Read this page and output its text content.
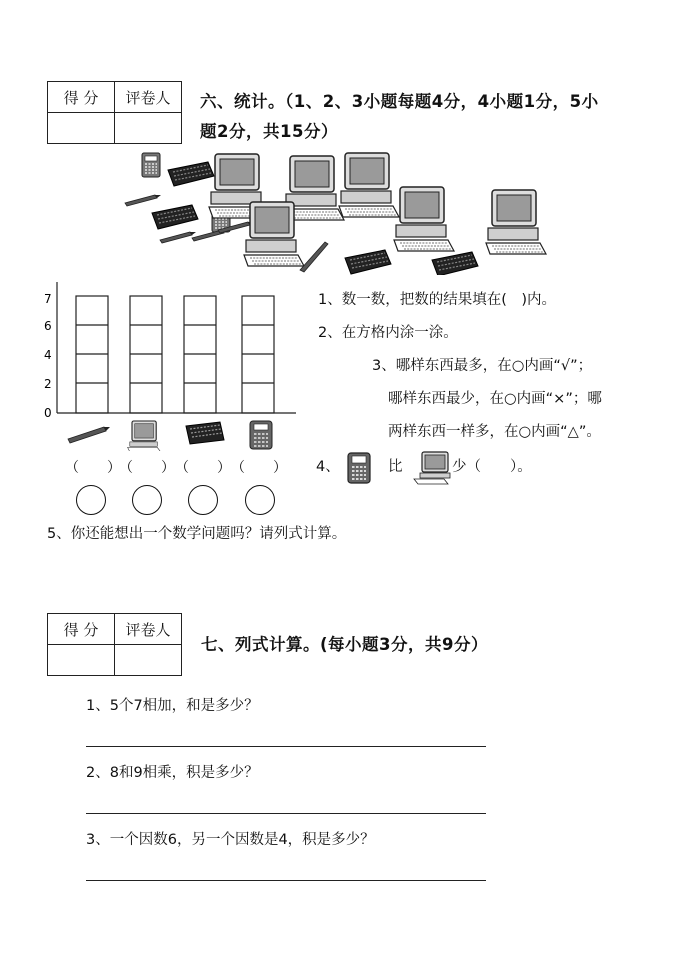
得 分	评卷人
	六、统计。（1、2、3小题每题4分，4小题1分，5小
题2分，共15分）
7
6
4
2
0
（　　）
（　　） （　　） （　　）
1、数一数，把数的结果填在(　)内。
2、在方格内涂一涂。
3、哪样东西最多，在○内画“√”；
哪样东西最少，在○内画“×”；哪
两样东西一样多，在○内画“△”。
4、	比	少（　　）。
5、你还能想出一个数学问题吗？请列式计算。
得 分	评卷人

七、列式计算。(每小题3分，共9分）
1、5个7相加，和是多少？
2、8和9相乘，积是多少？
3、一个因数6，另一个因数是4，积是多少？
